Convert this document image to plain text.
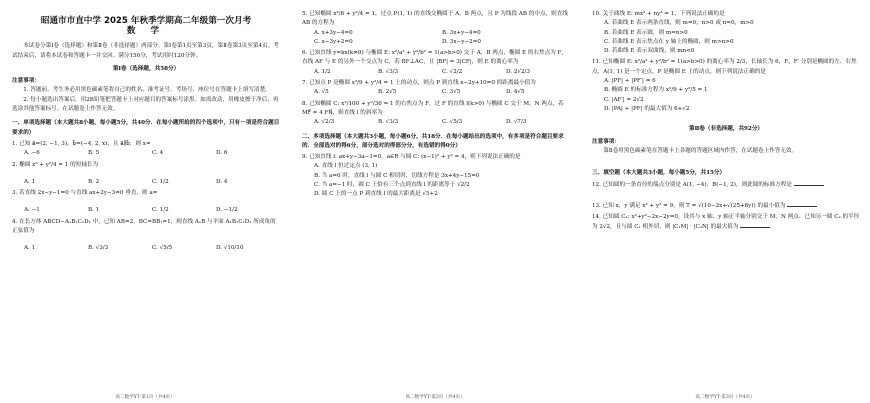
昭通市市直中学 2025 年秋季学期高二年级第一次月考
数 学
本试卷分第Ⅰ卷（选择题）和第Ⅱ卷（非选择题）两部分。第Ⅰ卷第1页至第3页，第Ⅱ卷第3页至第4页。考试结束后，请将本试卷和答题卡一并交回。满分150分，考试用时120分钟。
第Ⅰ卷（选择题，共58分）
注意事项：
1. 答题前，考生务必用黑色碳素笔将自己的姓名、准考证号、考场号、座位号在答题卡上填写清楚。
2. 每小题选出答案后，用2B铅笔把答题卡上对应题目的答案标号涂黑。如需改动，用橡皮擦干净后，再选涂其他答案标号。在试题卷上作答无效。
一、单项选择题（本大题共8小题，每小题5分，共40分．在每小题所给的四个选项中，只有一项是符合题目要求的）
1. 已知 a⃗=(2, −1, 3)，b⃗=(−4, 2, x)，且 a⃗∥b⃗，则 x=
A. −6	B. 5	C. 4	D. 6
2. 椭圆 x² + y²/4 = 1 的短轴长为
A. 1	B. 2	C. 1/2	D. 4
3. 若直线 2x−y−1=0 与直线 ax+2y−3=0 垂直，则 a=
A. −1	B. 1	C. 1/2	D. −1/2
4. 在长方体 ABCD−A₁B₁C₁D₁ 中，已知 AB=2，BC=BB₁=1，则直线 A₁B 与平面 A₁B₁C₁D₁ 所成角的正弦值为
A. 1	B. √3/3	C. √5/5	D. √10/10
高二数学YT·第1页（共4页）
5. 已知椭圆 x²/8 + y²/4 = 1，过点 P(1, 1) 的直线交椭圆于 A，B 两点，且 P 为线段 AB 的中点，则直线 AB 的方程为
A. x+3y−4=0	B. 3x+y−4=0
C. x−3y+2=0	D. 3x−y−2=0
6. 已知直线 y=kx(k≠0) 与椭圆 E: x²/a² + y²/b² = 1(a>b>0) 交于 A，B 两点，椭圆 E 的右焦点为 F，直线 AF 与 E 的另外一个交点为 C，若 BF⊥AC，且 |BF| = 3|CF|，则 E 的离心率为
A. 1/2	B. √3/3	C. √2/2	D. 2√2/3
7. 已知点 P 是椭圆 x²/9 + y²/4 = 1 上的动点，则点 P 到直线 x−2y+10=0 的距离最小值为
A. √5	B. 2√5	C. 3√5	D. 4√5
8. 已知椭圆 C: x²/100 + y²/36 = 1 的右焦点为 F，过 F 的直线 l(k>0) 与椭圆 C 交于 M，N 两点，若 MF⃗ = 4 FN⃗，则直线 l 的斜率为
A. √2/3	B. √3/3	C. √5/3	D. √7/3
二、多项选择题（本大题共3小题，每小题6分，共18分．在每小题给出的选项中，有多项是符合题目要求的．全部选对的得6分，部分选对的得部分分，有选错的得0分）
9. 已知直线 l: ax+y−3a−1=0，a∈R 与圆 C: (x−1)² + y² = 4，则下列说法正确的是
A. 直线 l 恒过定点 (3, 1)
B. 当 a=0 时，直线 l 与圆 C 相切时，切线方程是 3x+4y−15=0
C. 当 a=−1 时，圆 C 上恰有三个点到直线 l 的距离等于 √2/2
D. 圆 C 上的一点 P 到直线 l 的最大距离是 √5+2
高二数学YT·第2页（共4页）
10. 关于曲线 E: mx² + ny² = 1，下列说法正确的是
A. 若曲线 E 表示两条直线，则 m=0，n>0 或 n=0，m>0
B. 若曲线 E 表示圆，则 m=n>0
C. 若曲线 E 表示焦点在 y 轴上的椭圆，则 m>n>0
D. 若曲线 E 表示双曲线，则 mn<0
11. 已知椭圆 E: x²/a² + y²/b² = 1(a>b>0) 的离心率为 2/3，长轴长为 6，F，F′ 分别是椭圆的左、右焦点，A(1, 1) 是一个定点，P 是椭圆 E 上的动点，则下列说法正确的是
A. |PF| + |PF′| = 6
B. 椭圆 E 的标准方程为 x²/9 + y²/5 = 1
C. |AF′| = 2√2
D. |PA| + |PF| 的最大值为 6+√2
第Ⅱ卷（非选择题，共92分）
注意事项：
第Ⅱ卷用黑色碳素笔在答题卡上各题的答题区域内作答，在试题卷上作答无效。
三、填空题（本大题共3小题，每小题5分，共15分）
12. 已知圆的一条直径的端点分别是 A(1, −4)，B(−1, 2)，则此圆的标准方程是
13. 已知 x，y 满足 x² + y² = 9，则 T = √(10−2x+√(25+8y)) 的最小值为
14. 已知圆 C₁: x²+y²−2x−2y=0，设其与 x 轴、y 轴正半轴分别交于 M，N 两点．已知另一圆 C₂ 的半径为 2√2，且与圆 C₁ 相外切，则 |C₁M| · |C₂N| 的最大值为
高二数学YT·第3页（共4页）
